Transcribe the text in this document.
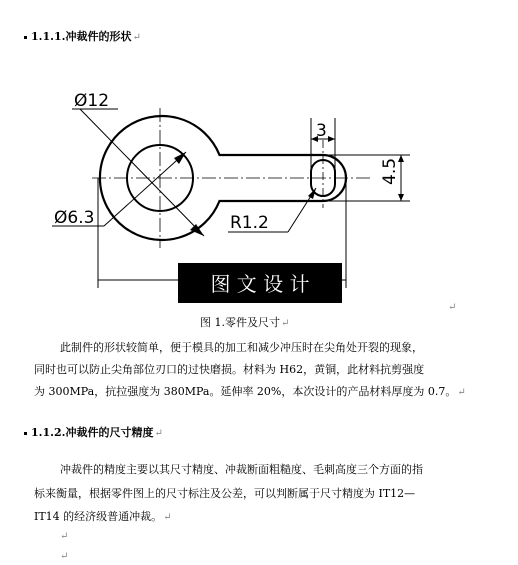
1.1.1.冲裁件的形状↵
Ø12
Ø6.3
3
R1.2
4.5
图 文 设 计
图 1.零件及尺寸↵
↵
此制件的形状较简单，便于模具的加工和减少冲压时在尖角处开裂的现象，
同时也可以防止尖角部位刃口的过快磨损。材料为 H62，黄铜，此材料抗剪强度
为 300MPa，抗拉强度为 380MPa。延伸率 20%，本次设计的产品材料厚度为 0.7。↵
1.1.2.冲裁件的尺寸精度↵
冲裁件的精度主要以其尺寸精度、冲裁断面粗糙度、毛刺高度三个方面的指
标来衡量，根据零件图上的尺寸标注及公差，可以判断属于尺寸精度为 IT12—
IT14 的经济级普通冲裁。↵
↵
↵
